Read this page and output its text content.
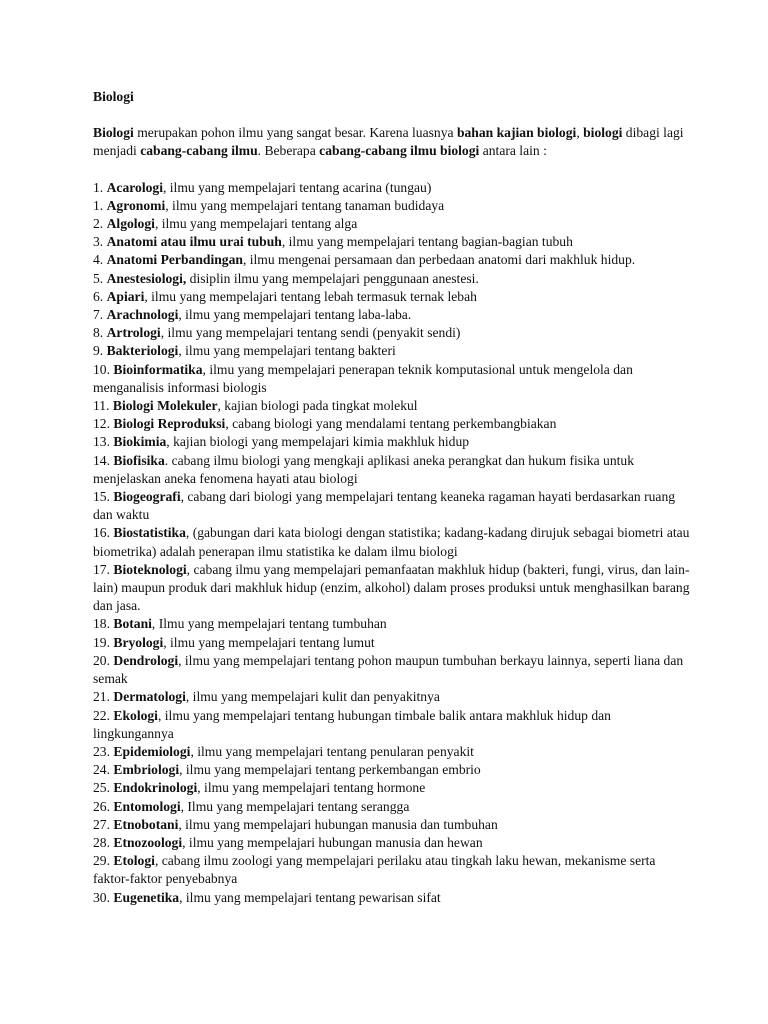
Biologi

Biologi merupakan pohon ilmu yang sangat besar. Karena luasnya bahan kajian biologi, biologi dibagi lagi menjadi cabang-cabang ilmu. Beberapa cabang-cabang ilmu biologi antara lain :
1. Acarologi, ilmu yang mempelajari tentang acarina (tungau)
1. Agronomi, ilmu yang mempelajari tentang tanaman budidaya
2. Algologi, ilmu yang mempelajari tentang alga
3. Anatomi atau ilmu urai tubuh, ilmu yang mempelajari tentang bagian-bagian tubuh
4. Anatomi Perbandingan, ilmu mengenai persamaan dan perbedaan anatomi dari makhluk hidup.
5. Anestesiologi, disiplin ilmu yang mempelajari penggunaan anestesi.
6. Apiari, ilmu yang mempelajari tentang lebah termasuk ternak lebah
7. Arachnologi, ilmu yang mempelajari tentang laba-laba.
8. Artrologi, ilmu yang mempelajari tentang sendi (penyakit sendi)
9. Bakteriologi, ilmu yang mempelajari tentang bakteri
10. Bioinformatika, ilmu yang mempelajari penerapan teknik komputasional untuk mengelola dan menganalisis informasi biologis
11. Biologi Molekuler, kajian biologi pada tingkat molekul
12. Biologi Reproduksi, cabang biologi yang mendalami tentang perkembangbiakan
13. Biokimia, kajian biologi yang mempelajari kimia makhluk hidup
14. Biofisika. cabang ilmu biologi yang mengkaji aplikasi aneka perangkat dan hukum fisika untuk menjelaskan aneka fenomena hayati atau biologi
15. Biogeografi, cabang dari biologi yang mempelajari tentang keaneka ragaman hayati berdasarkan ruang dan waktu
16. Biostatistika, (gabungan dari kata biologi dengan statistika; kadang-kadang dirujuk sebagai biometri atau biometrika) adalah penerapan ilmu statistika ke dalam ilmu biologi
17. Bioteknologi, cabang ilmu yang mempelajari pemanfaatan makhluk hidup (bakteri, fungi, virus, dan lain-lain) maupun produk dari makhluk hidup (enzim, alkohol) dalam proses produksi untuk menghasilkan barang dan jasa.
18. Botani, Ilmu yang mempelajari tentang tumbuhan
19. Bryologi, ilmu yang mempelajari tentang lumut
20. Dendrologi, ilmu yang mempelajari tentang pohon maupun tumbuhan berkayu lainnya, seperti liana dan semak
21. Dermatologi, ilmu yang mempelajari kulit dan penyakitnya
22. Ekologi, ilmu yang mempelajari tentang hubungan timbale balik antara makhluk hidup dan lingkungannya
23. Epidemiologi, ilmu yang mempelajari tentang penularan penyakit
24. Embriologi, ilmu yang mempelajari tentang perkembangan embrio
25. Endokrinologi, ilmu yang mempelajari tentang hormone
26. Entomologi, Ilmu yang mempelajari tentang serangga
27. Etnobotani, ilmu yang mempelajari hubungan manusia dan tumbuhan
28. Etnozoologi, ilmu yang mempelajari hubungan manusia dan hewan
29. Etologi, cabang ilmu zoologi yang mempelajari perilaku atau tingkah laku hewan, mekanisme serta faktor-faktor penyebabnya
30. Eugenetika, ilmu yang mempelajari tentang pewarisan sifat
